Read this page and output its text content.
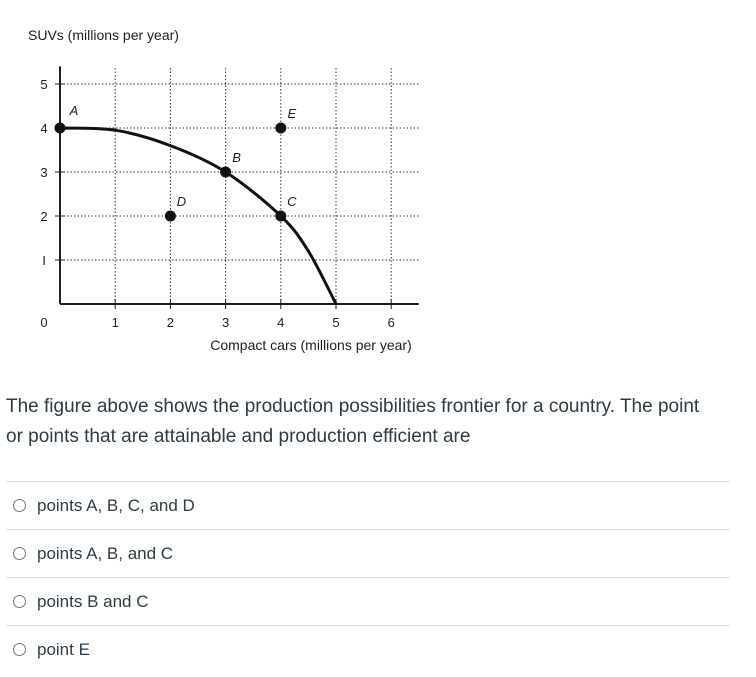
SUVs (millions per year)
1	2	3	4	5	6
I
2
3
4
5
0
A
B
C
D
E
Compact cars (millions per year)

The figure above shows the production possibilities frontier for a country. The point or points that are attainable and production efficient are

points A, B, C, and D
points A, B, and C
points B and C
point E
